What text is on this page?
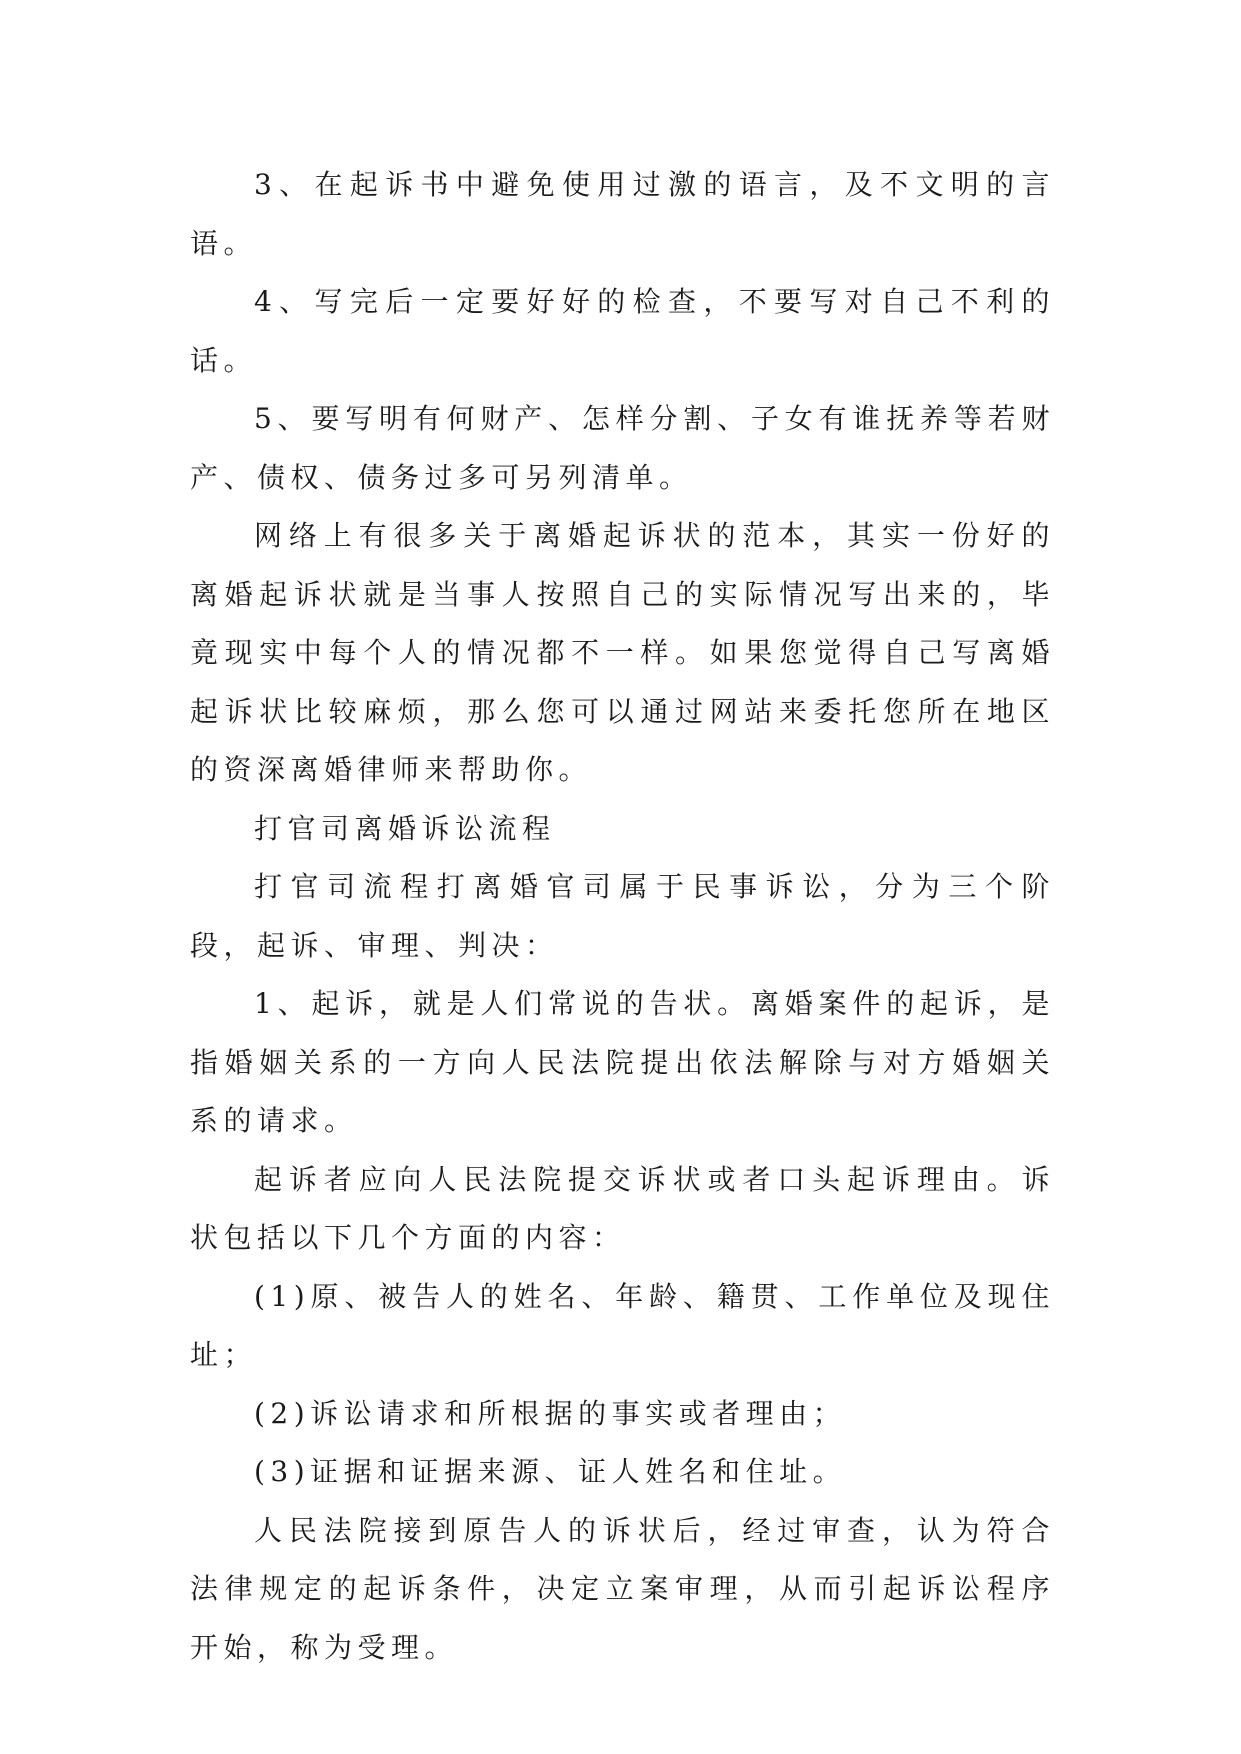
3、在起诉书中避免使用过激的语言，及不文明的言语。

4、写完后一定要好好的检查，不要写对自己不利的话。

5、要写明有何财产、怎样分割、子女有谁抚养等若财产、债权、债务过多可另列清单。

网络上有很多关于离婚起诉状的范本，其实一份好的离婚起诉状就是当事人按照自己的实际情况写出来的，毕竟现实中每个人的情况都不一样。如果您觉得自己写离婚起诉状比较麻烦，那么您可以通过网站来委托您所在地区的资深离婚律师来帮助你。

打官司离婚诉讼流程

打官司流程打离婚官司属于民事诉讼，分为三个阶段，起诉、审理、判决：

1、起诉，就是人们常说的告状。离婚案件的起诉，是指婚姻关系的一方向人民法院提出依法解除与对方婚姻关系的请求。

起诉者应向人民法院提交诉状或者口头起诉理由。诉状包括以下几个方面的内容：

(1)原、被告人的姓名、年龄、籍贯、工作单位及现住址；

(2)诉讼请求和所根据的事实或者理由；

(3)证据和证据来源、证人姓名和住址。

人民法院接到原告人的诉状后，经过审查，认为符合法律规定的起诉条件，决定立案审理，从而引起诉讼程序开始，称为受理。
